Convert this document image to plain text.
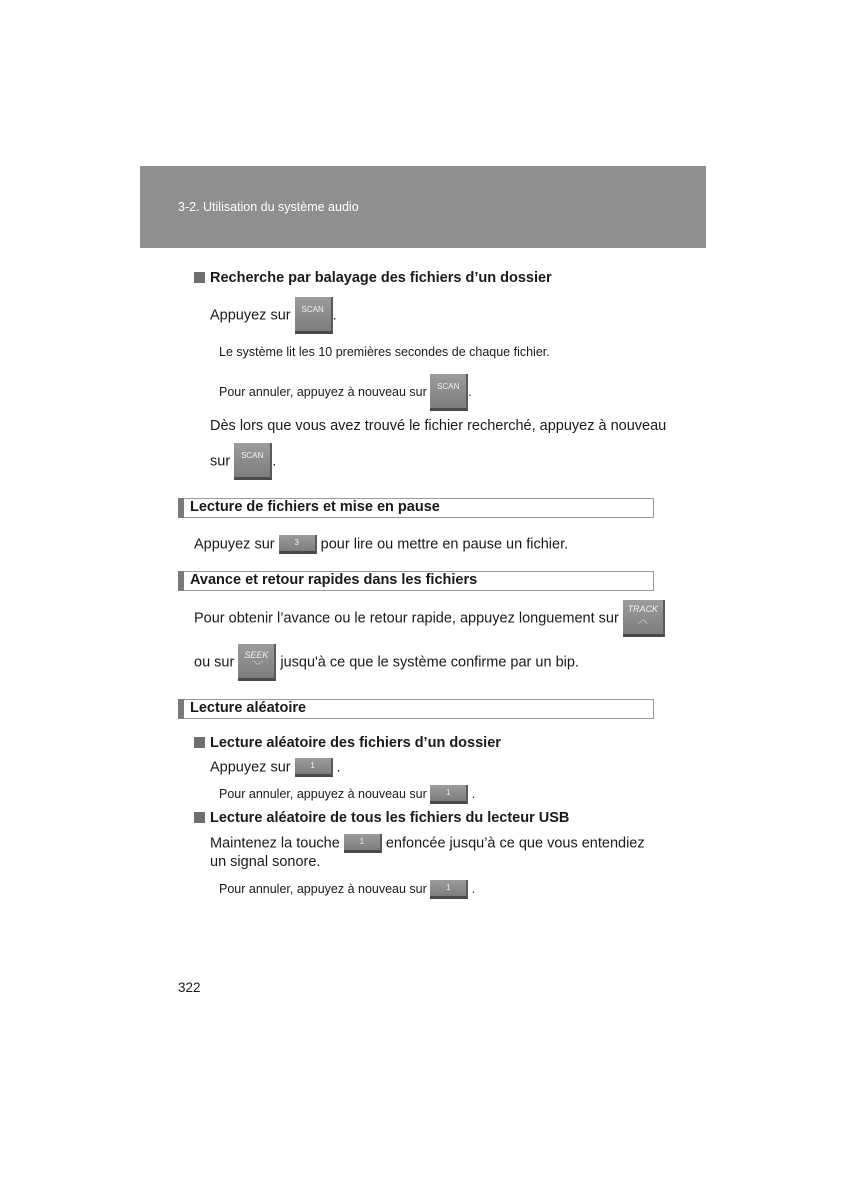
3-2. Utilisation du système audio
Recherche par balayage des fichiers d’un dossier
Appuyez sur SCAN .
Le système lit les 10 premières secondes de chaque fichier.
Pour annuler, appuyez à nouveau sur SCAN .
Dès lors que vous avez trouvé le fichier recherché, appuyez à nouveau
sur SCAN .
Lecture de fichiers et mise en pause
Appuyez sur 3 pour lire ou mettre en pause un fichier.
Avance et retour rapides dans les fichiers
Pour obtenir l’avance ou le retour rapide, appuyez longuement sur TRACK
︿
ou sur SEEK
﹀	jusqu'à ce que le système confirme par un bip.
Lecture aléatoire
Lecture aléatoire des fichiers d’un dossier
Appuyez sur 1 .
Pour annuler, appuyez à nouveau sur 1 .
Lecture aléatoire de tous les fichiers du lecteur USB
Maintenez la touche 1 enfoncée jusqu’à ce que vous entendiez
un signal sonore.
Pour annuler, appuyez à nouveau sur 1 .
322
